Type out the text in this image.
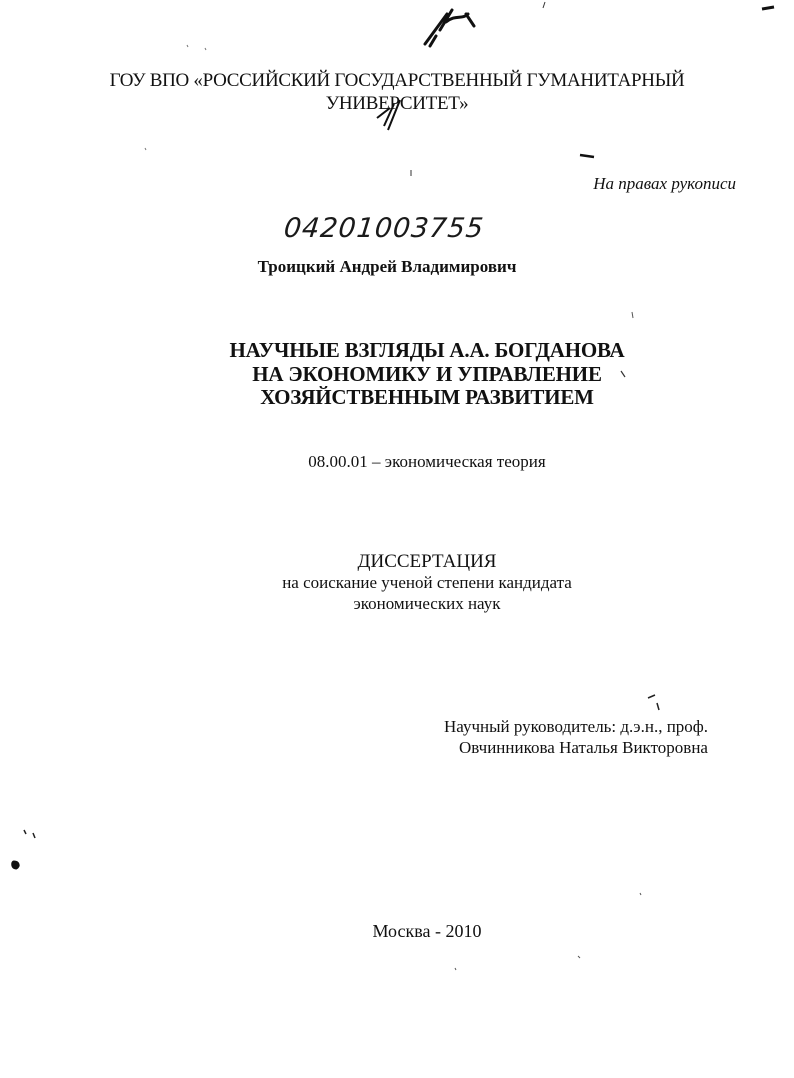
ГОУ ВПО «РОССИЙСКИЙ ГОСУДАРСТВЕННЫЙ ГУМАНИТАРНЫЙ
УНИВЕРСИТЕТ»
На правах рукописи
04201003755
Троицкий Андрей Владимирович
НАУЧНЫЕ ВЗГЛЯДЫ А.А. БОГДАНОВА
НА ЭКОНОМИКУ И УПРАВЛЕНИЕ
ХОЗЯЙСТВЕННЫМ РАЗВИТИЕМ
08.00.01 – экономическая теория
ДИССЕРТАЦИЯ
на соискание ученой степени кандидата
экономических наук
Научный руководитель: д.э.н., проф.
Овчинникова Наталья Викторовна
Москва - 2010
